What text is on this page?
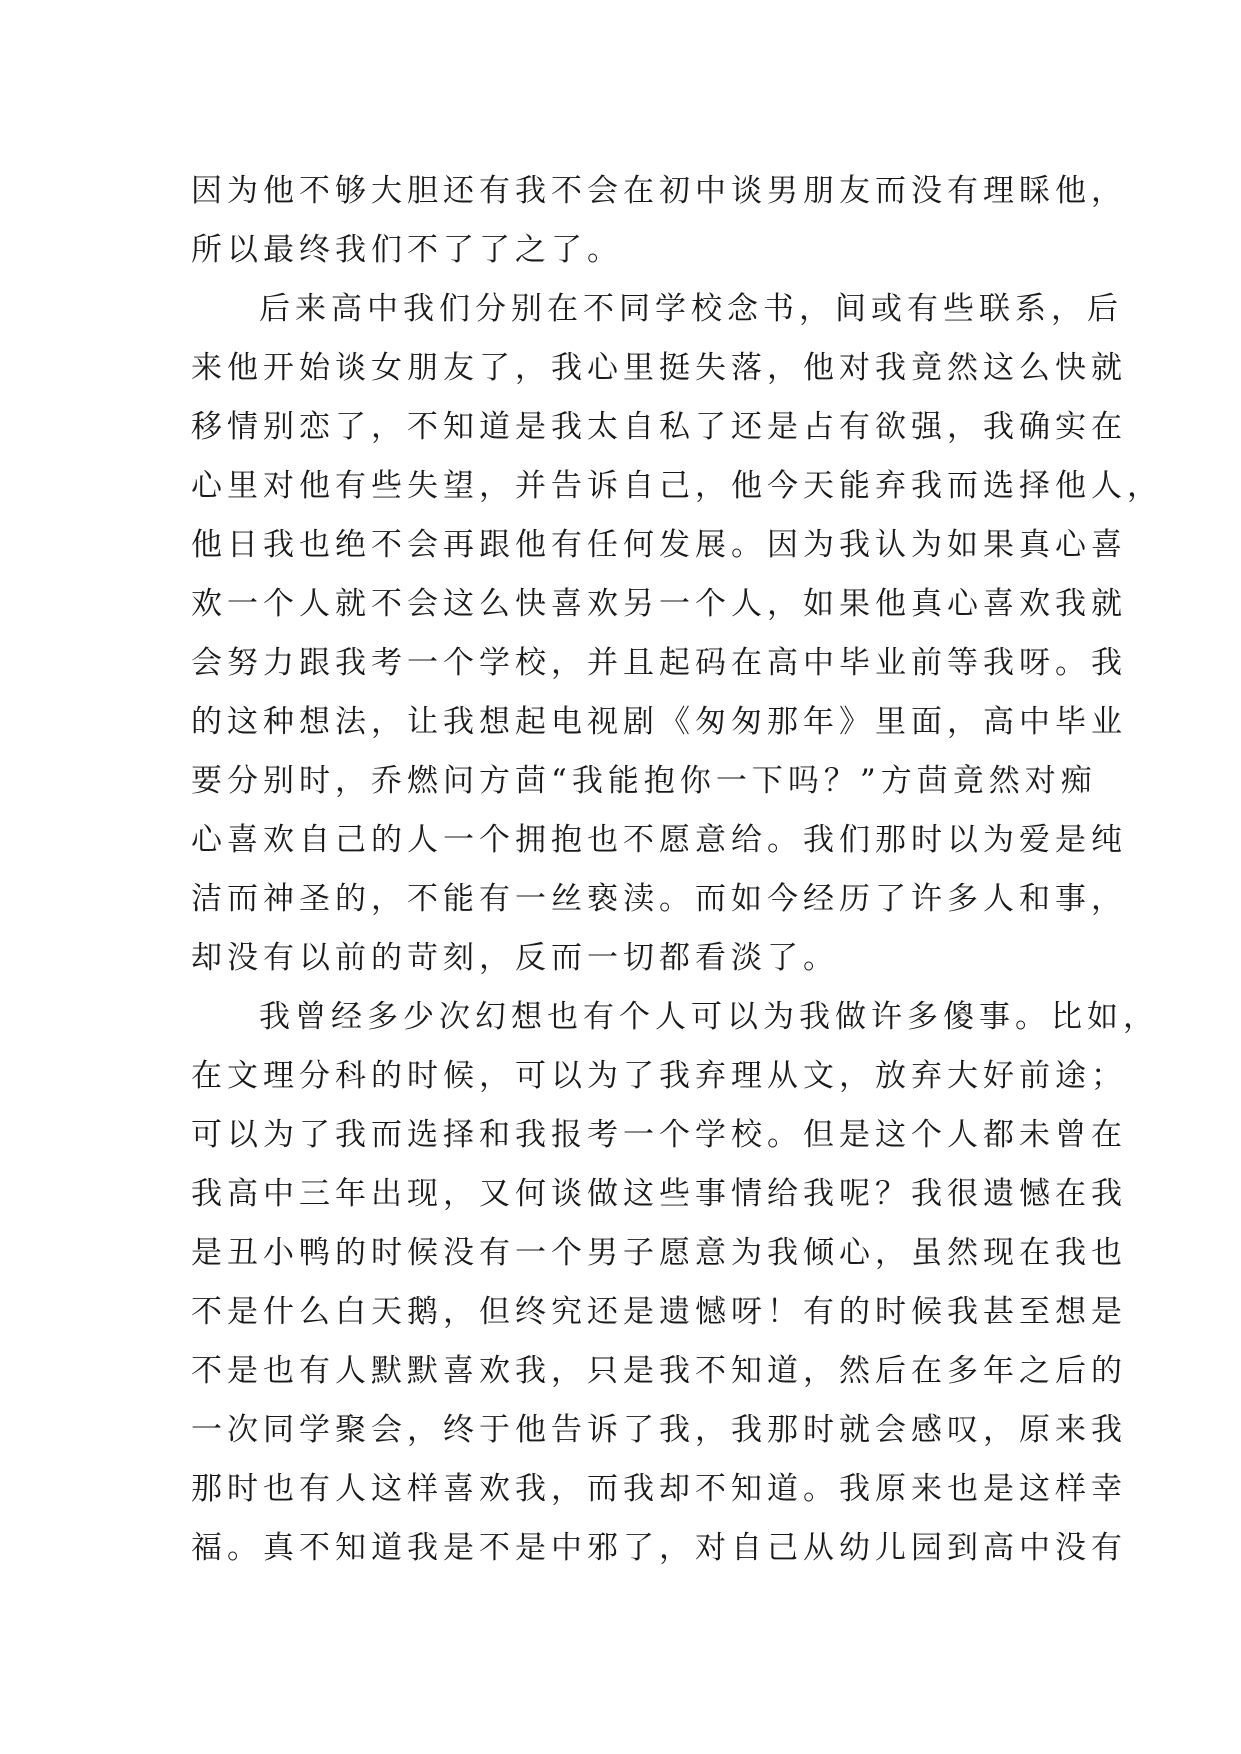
因为他不够大胆还有我不会在初中谈男朋友而没有理睬他，
所以最终我们不了了之了。
后来高中我们分别在不同学校念书，间或有些联系，后
来他开始谈女朋友了，我心里挺失落，他对我竟然这么快就
移情别恋了，不知道是我太自私了还是占有欲强，我确实在
心里对他有些失望，并告诉自己，他今天能弃我而选择他人，
他日我也绝不会再跟他有任何发展。因为我认为如果真心喜
欢一个人就不会这么快喜欢另一个人，如果他真心喜欢我就
会努力跟我考一个学校，并且起码在高中毕业前等我呀。我
的这种想法，让我想起电视剧《匆匆那年》里面，高中毕业
要分别时，乔燃问方茴“我能抱你一下吗？”方茴竟然对痴
心喜欢自己的人一个拥抱也不愿意给。我们那时以为爱是纯
洁而神圣的，不能有一丝亵渎。而如今经历了许多人和事，
却没有以前的苛刻，反而一切都看淡了。
我曾经多少次幻想也有个人可以为我做许多傻事。比如，
在文理分科的时候，可以为了我弃理从文，放弃大好前途；
可以为了我而选择和我报考一个学校。但是这个人都未曾在
我高中三年出现，又何谈做这些事情给我呢？我很遗憾在我
是丑小鸭的时候没有一个男子愿意为我倾心，虽然现在我也
不是什么白天鹅，但终究还是遗憾呀！有的时候我甚至想是
不是也有人默默喜欢我，只是我不知道，然后在多年之后的
一次同学聚会，终于他告诉了我，我那时就会感叹，原来我
那时也有人这样喜欢我，而我却不知道。我原来也是这样幸
福。真不知道我是不是中邪了，对自己从幼儿园到高中没有
